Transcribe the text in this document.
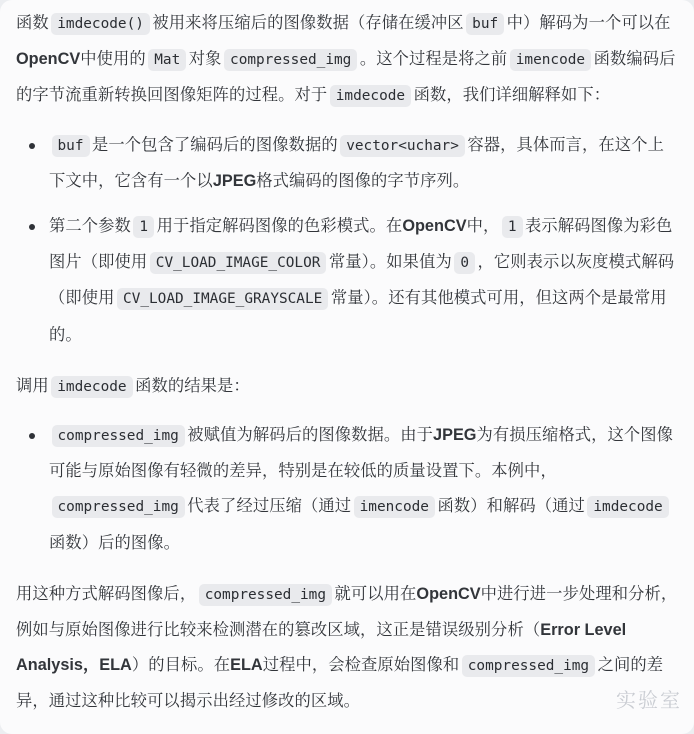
函数 imdecode() 被用来将压缩后的图像数据（存储在缓冲区 buf 中）解码为一个可以在OpenCV中使用的 Mat 对象 compressed_img 。这个过程是将之前 imencode 函数编码后的字节流重新转换回图像矩阵的过程。对于 imdecode 函数，我们详细解释如下：

buf 是一个包含了编码后的图像数据的 vector<uchar> 容器，具体而言，在这个上下文中，它含有一个以JPEG格式编码的图像的字节序列。
第二个参数 1 用于指定解码图像的色彩模式。在OpenCV中， 1 表示解码图像为彩色图片（即使用 CV_LOAD_IMAGE_COLOR 常量）。如果值为 0 ，它则表示以灰度模式解码（即使用 CV_LOAD_IMAGE_GRAYSCALE 常量）。还有其他模式可用，但这两个是最常用的。

调用 imdecode 函数的结果是：

compressed_img 被赋值为解码后的图像数据。由于JPEG为有损压缩格式，这个图像可能与原始图像有轻微的差异，特别是在较低的质量设置下。本例中，compressed_img 代表了经过压缩（通过 imencode 函数）和解码（通过 imdecode函数）后的图像。

用这种方式解码图像后， compressed_img 就可以用在OpenCV中进行进一步处理和分析，例如与原始图像进行比较来检测潜在的篡改区域，这正是错误级别分析（Error Level Analysis，ELA）的目标。在ELA过程中，会检查原始图像和 compressed_img 之间的差异，通过这种比较可以揭示出经过修改的区域。	实验室
